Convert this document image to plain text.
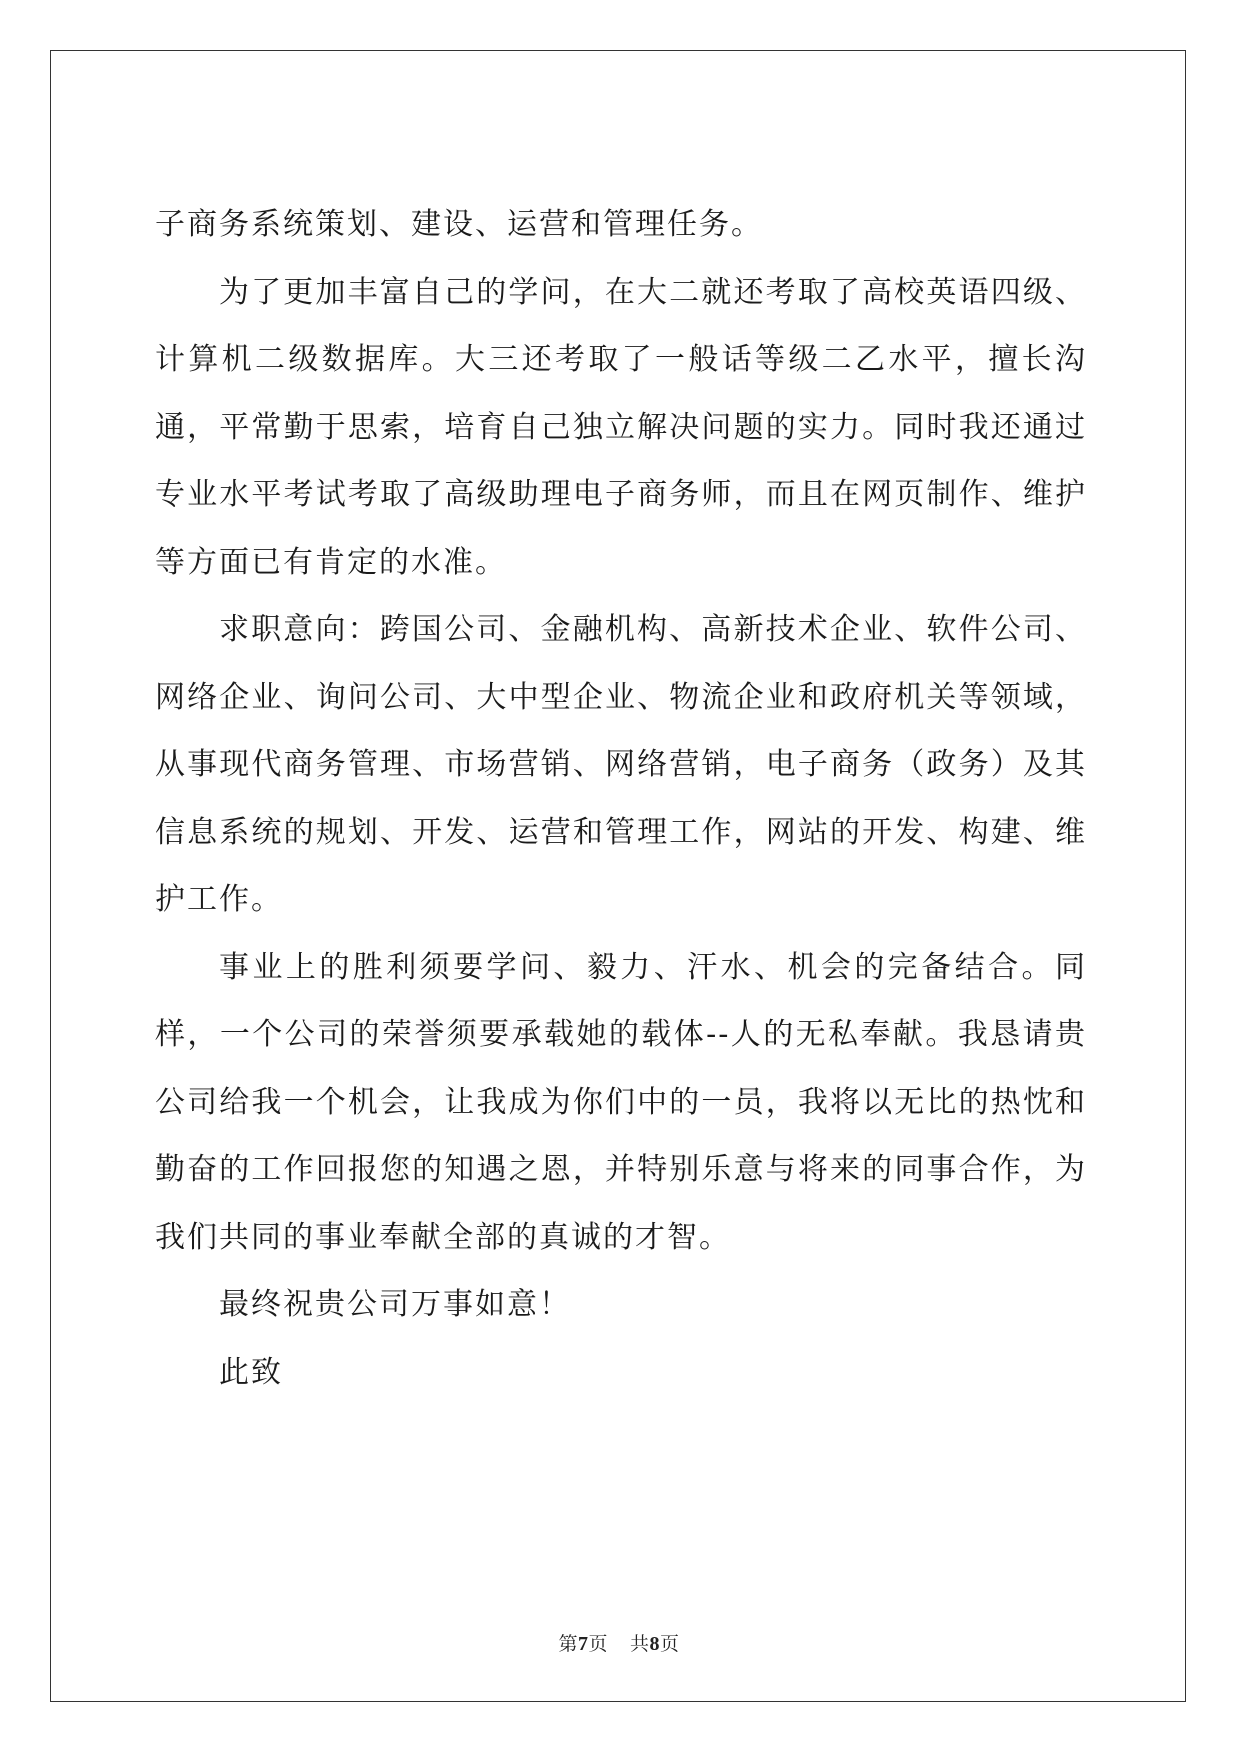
子商务系统策划、建设、运营和管理任务。

为了更加丰富自己的学问，在大二就还考取了高校英语四级、计算机二级数据库。大三还考取了一般话等级二乙水平，擅长沟通，平常勤于思索，培育自己独立解决问题的实力。同时我还通过专业水平考试考取了高级助理电子商务师，而且在网页制作、维护等方面已有肯定的水准。

求职意向：跨国公司、金融机构、高新技术企业、软件公司、网络企业、询问公司、大中型企业、物流企业和政府机关等领域，从事现代商务管理、市场营销、网络营销，电子商务（政务）及其信息系统的规划、开发、运营和管理工作，网站的开发、构建、维护工作。

事业上的胜利须要学问、毅力、汗水、机会的完备结合。同样，一个公司的荣誉须要承载她的载体--人的无私奉献。我恳请贵公司给我一个机会，让我成为你们中的一员，我将以无比的热忱和勤奋的工作回报您的知遇之恩，并特别乐意与将来的同事合作，为我们共同的事业奉献全部的真诚的才智。

最终祝贵公司万事如意！

此致

第7页 共8页
